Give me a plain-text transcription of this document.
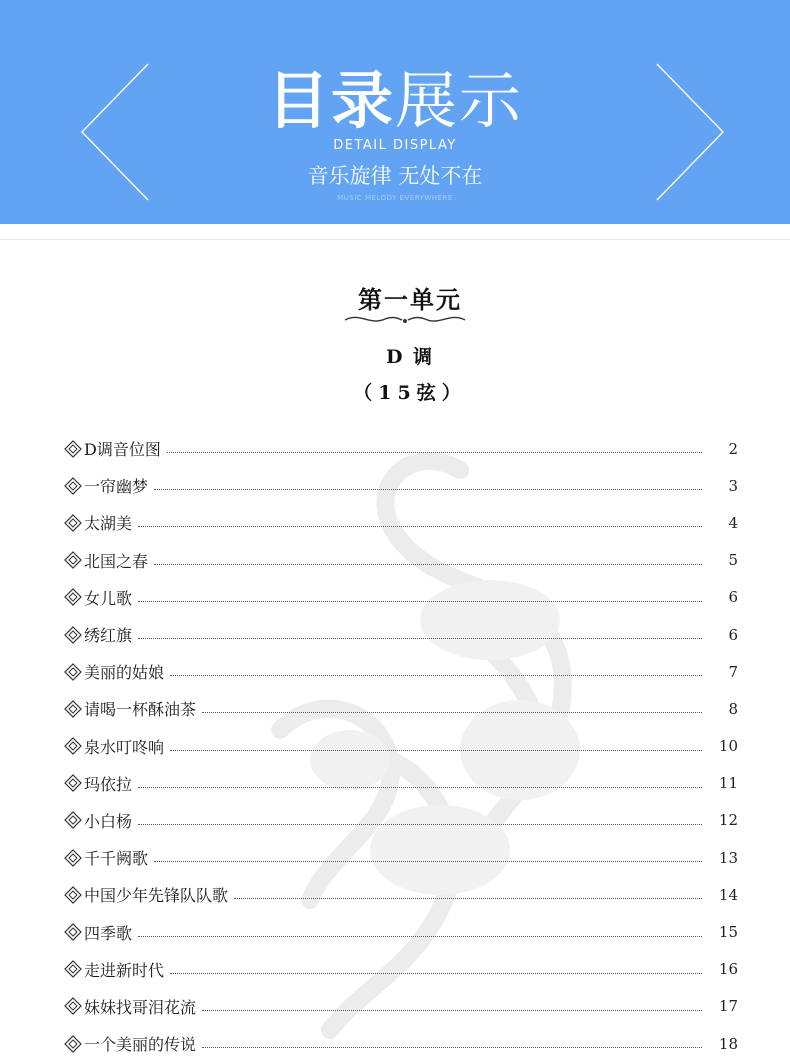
目录展示
DETAIL DISPLAY
音乐旋律 无处不在
MUSIC MELODY EVERYWHERE
第一单元
D 调
（15弦）
D调音位图	2
一帘幽梦	3
太湖美	4
北国之春	5
女儿歌	6
绣红旗	6
美丽的姑娘	7
请喝一杯酥油茶	8
泉水叮咚响	10
玛依拉	11
小白杨	12
千千阙歌	13
中国少年先锋队队歌	14
四季歌	15
走进新时代	16
妹妹找哥泪花流	17
一个美丽的传说	18
